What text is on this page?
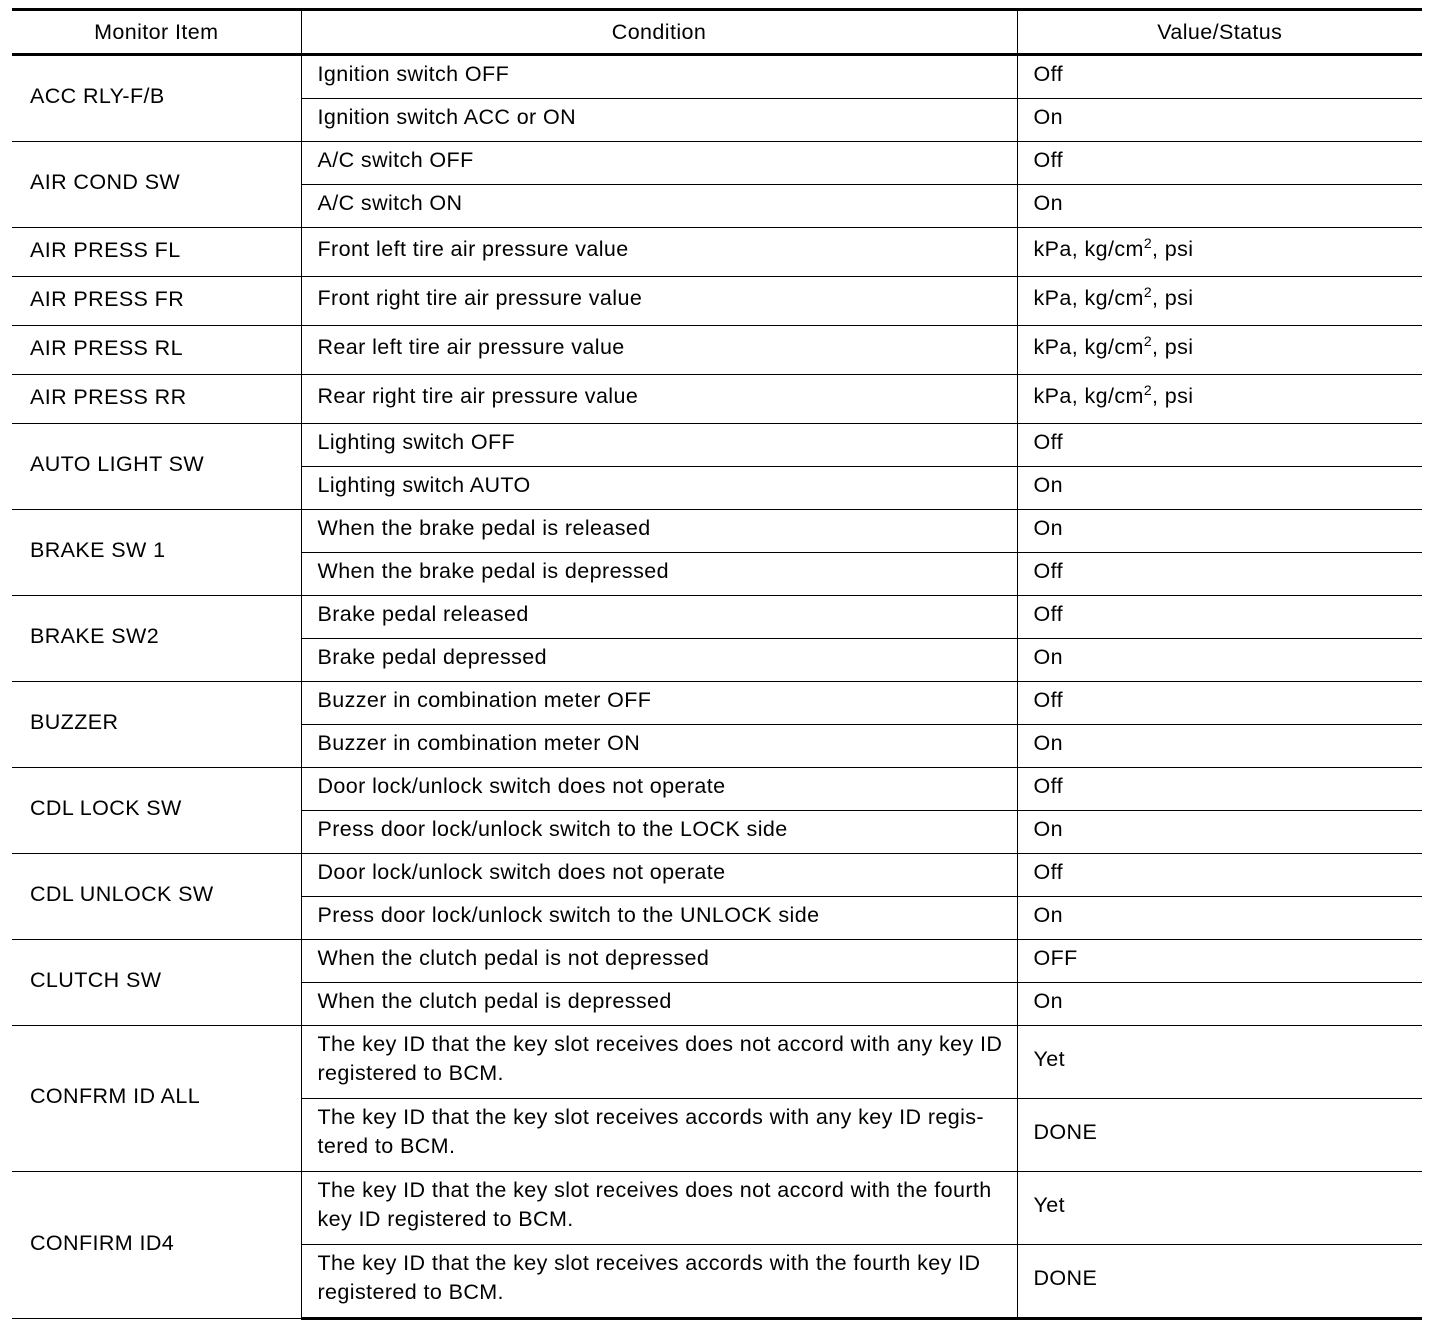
Monitor Item	Condition	Value/Status
ACC RLY-F/B	Ignition switch OFF	Off
	Ignition switch ACC or ON	On
AIR COND SW	A/C switch OFF	Off
	A/C switch ON	On
AIR PRESS FL	Front left tire air pressure value	kPa, $kg/cm^2$, psi
AIR PRESS FR	Front right tire air pressure value	kPa, $kg/cm^2$, psi
AIR PRESS RL	Rear left tire air pressure value	kPa, $kg/cm^2$, psi
AIR PRESS RR	Rear right tire air pressure value	kPa, $kg/cm^2$, psi
AUTO LIGHT SW	Lighting switch OFF	Off
	Lighting switch AUTO	On
BRAKE SW 1	When the brake pedal is released	On
	When the brake pedal is depressed	Off
BRAKE SW2	Brake pedal released	Off
	Brake pedal depressed	On
BUZZER	Buzzer in combination meter OFF	Off
	Buzzer in combination meter ON	On
CDL LOCK SW	Door lock/unlock switch does not operate	Off
	Press door lock/unlock switch to the LOCK side	On
CDL UNLOCK SW	Door lock/unlock switch does not operate	Off
	Press door lock/unlock switch to the UNLOCK side	On
CLUTCH SW	When the clutch pedal is not depressed	OFF
	When the clutch pedal is depressed	On
CONFRM ID ALL	The key ID that the key slot receives does not accord with any key ID registered to BCM.	Yet
	The key ID that the key slot receives accords with any key ID regis-tered to BCM.	DONE
CONFIRM ID4	The key ID that the key slot receives does not accord with the fourth key ID registered to BCM.	Yet
	The key ID that the key slot receives accords with the fourth key ID registered to BCM.	DONE
